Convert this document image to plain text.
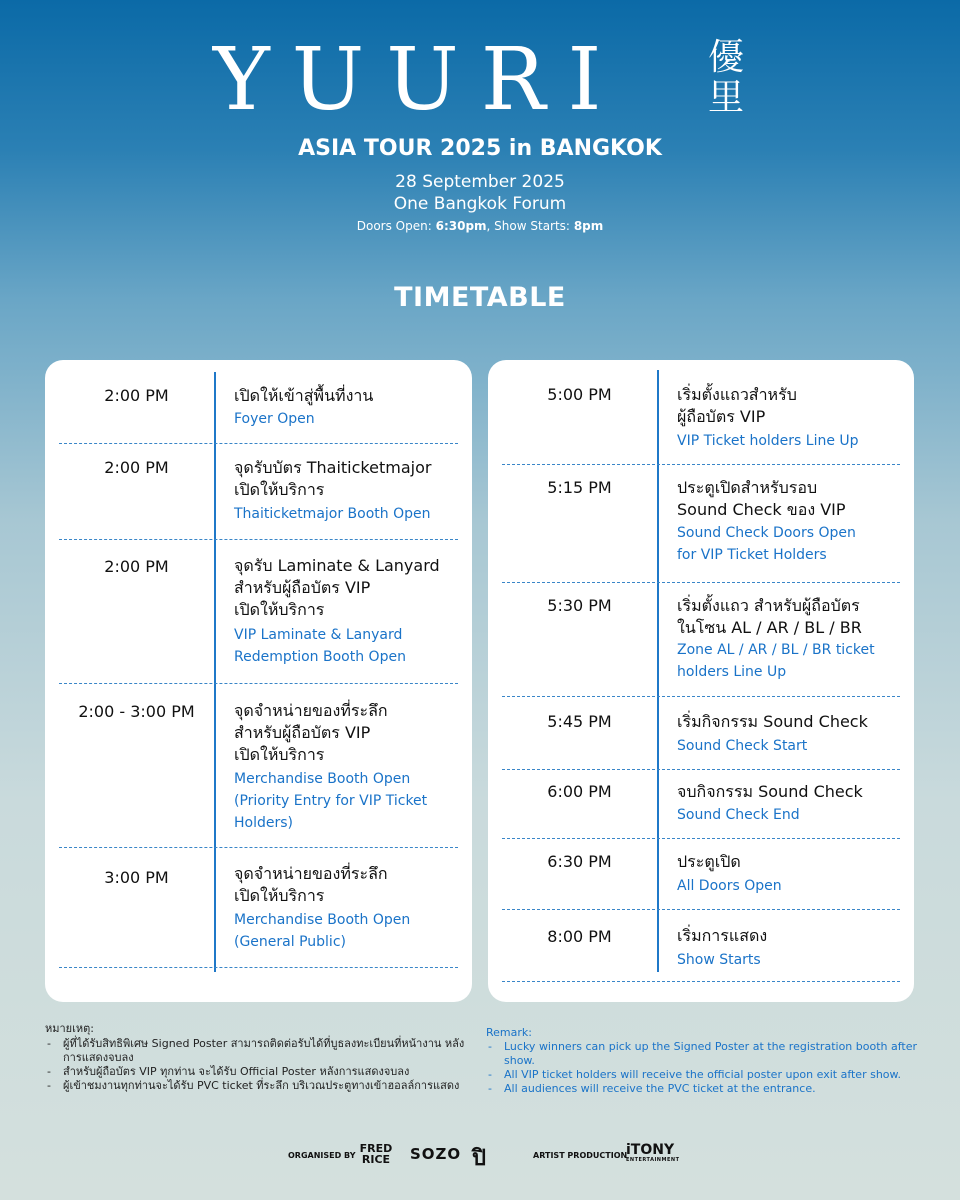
YUURI 優
里
ASIA TOUR 2025 in BANGKOK
28 September 2025
One Bangkok Forum
Doors Open: 6:30pm, Show Starts: 8pm
TIMETABLE
2:00 PM	เปิดให้เข้าสู่พื้นที่งาน
Foyer Open
2:00 PM	จุดรับบัตร Thaiticketmajor
เปิดให้บริการ
Thaiticketmajor Booth Open
2:00 PM	จุดรับ Laminate & Lanyard
สำหรับผู้ถือบัตร VIP
เปิดให้บริการ
VIP Laminate & Lanyard
Redemption Booth Open
2:00 - 3:00 PM	จุดจำหน่ายของที่ระลึก
สำหรับผู้ถือบัตร VIP
เปิดให้บริการ
Merchandise Booth Open
(Priority Entry for VIP Ticket
Holders)
3:00 PM	จุดจำหน่ายของที่ระลึก
เปิดให้บริการ
Merchandise Booth Open
(General Public)
5:00 PM	เริ่มตั้งแถวสำหรับ
ผู้ถือบัตร VIP
VIP Ticket holders Line Up
5:15 PM	ประตูเปิดสำหรับรอบ
Sound Check ของ VIP
Sound Check Doors Open
for VIP Ticket Holders
5:30 PM	เริ่มตั้งแถว สำหรับผู้ถือบัตร
ในโซน AL / AR / BL / BR
Zone AL / AR / BL / BR ticket
holders Line Up
5:45 PM	เริ่มกิจกรรม Sound Check
Sound Check Start
6:00 PM	จบกิจกรรม Sound Check
Sound Check End
6:30 PM	ประตูเปิด
All Doors Open
8:00 PM	เริ่มการแสดง
Show Starts
หมายเหตุ:
- ผู้ที่ได้รับสิทธิพิเศษ Signed Poster สามารถติดต่อรับได้ที่บูธลงทะเบียนที่หน้างาน หลังการแสดงจบลง
- สำหรับผู้ถือบัตร VIP ทุกท่าน จะได้รับ Official Poster หลังการแสดงจบลง
- ผู้เข้าชมงานทุกท่านจะได้รับ PVC ticket ที่ระลึก บริเวณประตูทางเข้าฮอลล์การแสดง
Remark:
- Lucky winners can pick up the Signed Poster at the registration booth after show.
- All VIP ticket holders will receive the official poster upon exit after show.
- All audiences will receive the PVC ticket at the entrance.
ORGANISED BY
FRED
RICE SOZO ปิ	ARTIST PRODUCTION
iTONY
ENTERTAINMENT
